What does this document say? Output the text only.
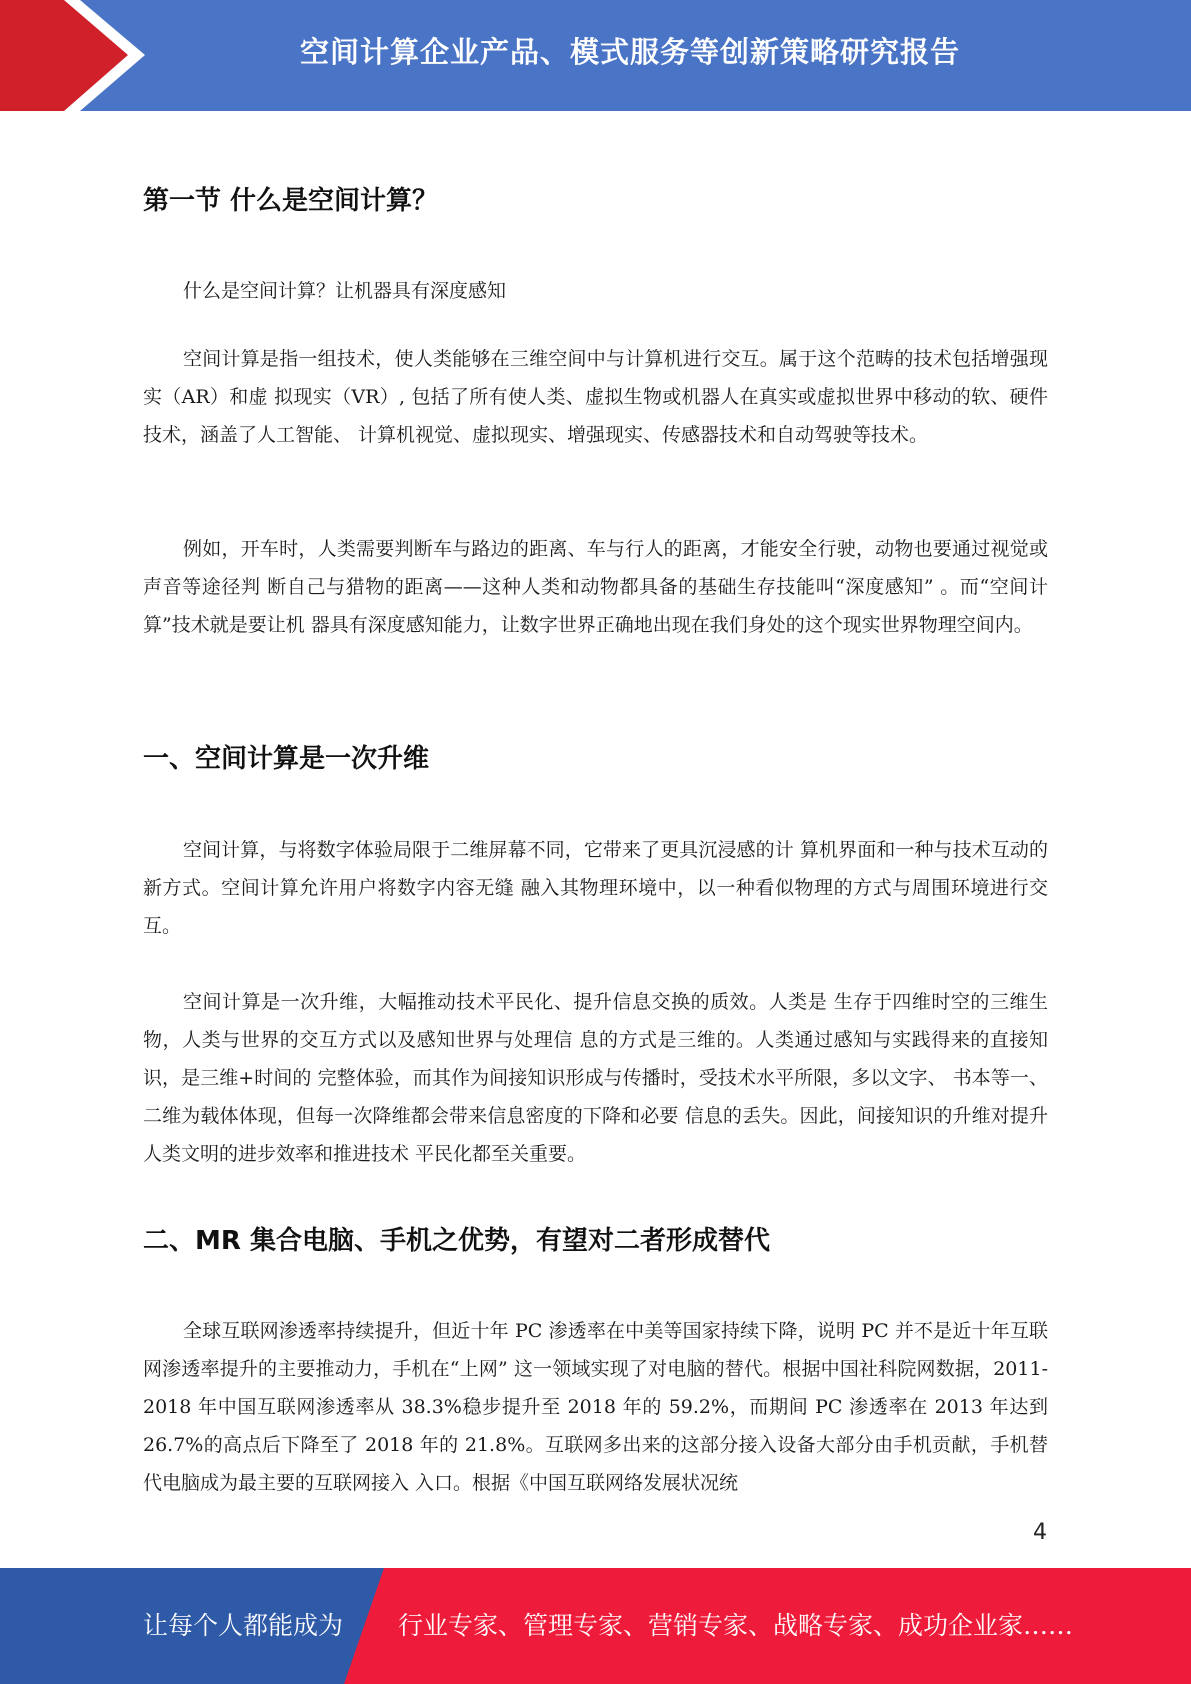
空间计算企业产品、模式服务等创新策略研究报告
第一节 什么是空间计算？

什么是空间计算？让机器具有深度感知

空间计算是指一组技术，使人类能够在三维空间中与计算机进行交互。属于这个范畴的技术包括增强现实（AR）和虚 拟现实（VR）, 包括了所有使人类、虚拟生物或机器人在真实或虚拟世界中移动的软、硬件技术，涵盖了人工智能、 计算机视觉、虚拟现实、增强现实、传感器技术和自动驾驶等技术。

例如，开车时，人类需要判断车与路边的距离、车与行人的距离，才能安全行驶，动物也要通过视觉或声音等途径判 断自己与猎物的距离——这种人类和动物都具备的基础生存技能叫“深度感知” 。而“空间计算”技术就是要让机 器具有深度感知能力，让数字世界正确地出现在我们身处的这个现实世界物理空间内。

一、空间计算是一次升维

空间计算，与将数字体验局限于二维屏幕不同，它带来了更具沉浸感的计 算机界面和一种与技术互动的新方式。空间计算允许用户将数字内容无缝 融入其物理环境中，以一种看似物理的方式与周围环境进行交互。

空间计算是一次升维，大幅推动技术平民化、提升信息交换的质效。人类是 生存于四维时空的三维生物，人类与世界的交互方式以及感知世界与处理信 息的方式是三维的。人类通过感知与实践得来的直接知识，是三维+时间的 完整体验，而其作为间接知识形成与传播时，受技术水平所限，多以文字、 书本等一、二维为载体体现，但每一次降维都会带来信息密度的下降和必要 信息的丢失。因此，间接知识的升维对提升人类文明的进步效率和推进技术 平民化都至关重要。

二、MR 集合电脑、手机之优势，有望对二者形成替代

全球互联网渗透率持续提升，但近十年 PC 渗透率在中美等国家持续下降，说明 PC 并不是近十年互联网渗透率提升的主要推动力，手机在“上网” 这一领域实现了对电脑的替代。根据中国社科院网数据，2011-2018 年中国互联网渗透率从 38.3%稳步提升至 2018 年的 59.2%，而期间 PC 渗透率在 2013 年达到 26.7%的高点后下降至了 2018 年的 21.8%。互联网多出来的这部分接入设备大部分由手机贡献，手机替代电脑成为最主要的互联网接入 入口。根据《中国互联网络发展状况统

4
让每个人都能成为 行业专家、管理专家、营销专家、战略专家、成功企业家……
